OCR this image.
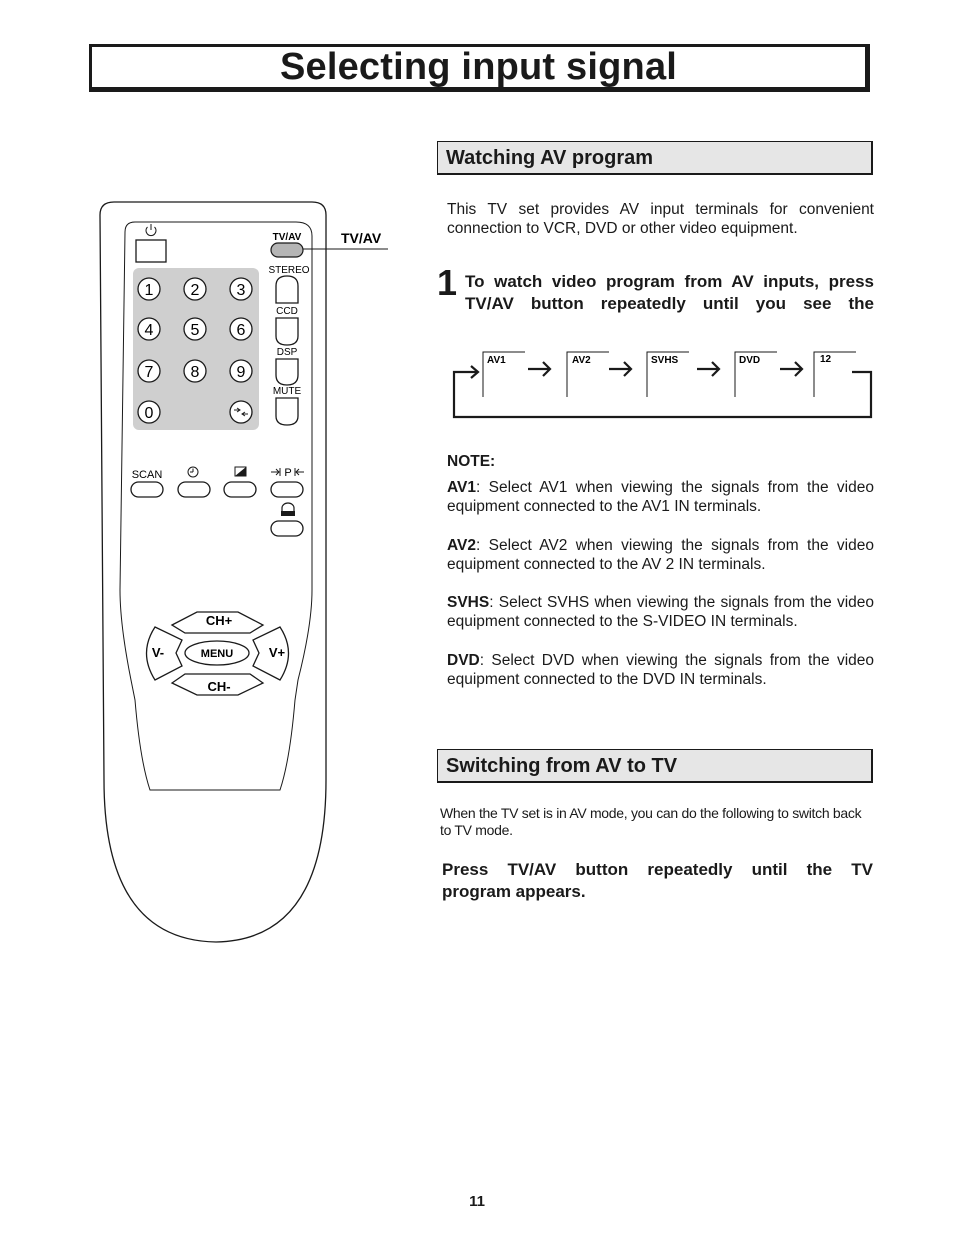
Selecting input signal
TV/AV	TV/AV
1 2 3
4 5 6
7 8 9
0
STEREO
CCD
DSP
MUTE
SCAN	P
CH+
CH-
V-	V+
MENU
Watching AV program
This TV set provides AV input terminals for convenient connection to VCR, DVD or other video equipment.
1 To watch video program from AV inputs, press TV/AV button repeatedly until you see the
AV1	AV2	SVHS	DVD	12
NOTE:
AV1: Select AV1 when viewing the signals from the video equipment connected to the AV1 IN terminals.
AV2: Select AV2 when viewing the signals from the video equipment connected to the AV 2 IN terminals.
SVHS: Select SVHS when viewing the signals from the video equipment connected to the S-VIDEO IN terminals.
DVD: Select DVD when viewing the signals from the video equipment connected to the DVD IN terminals.
Switching from AV to TV
When the TV set is in AV mode, you can do the following to switch back to TV mode.
Press TV/AV button repeatedly until the TV
program appears.
11
